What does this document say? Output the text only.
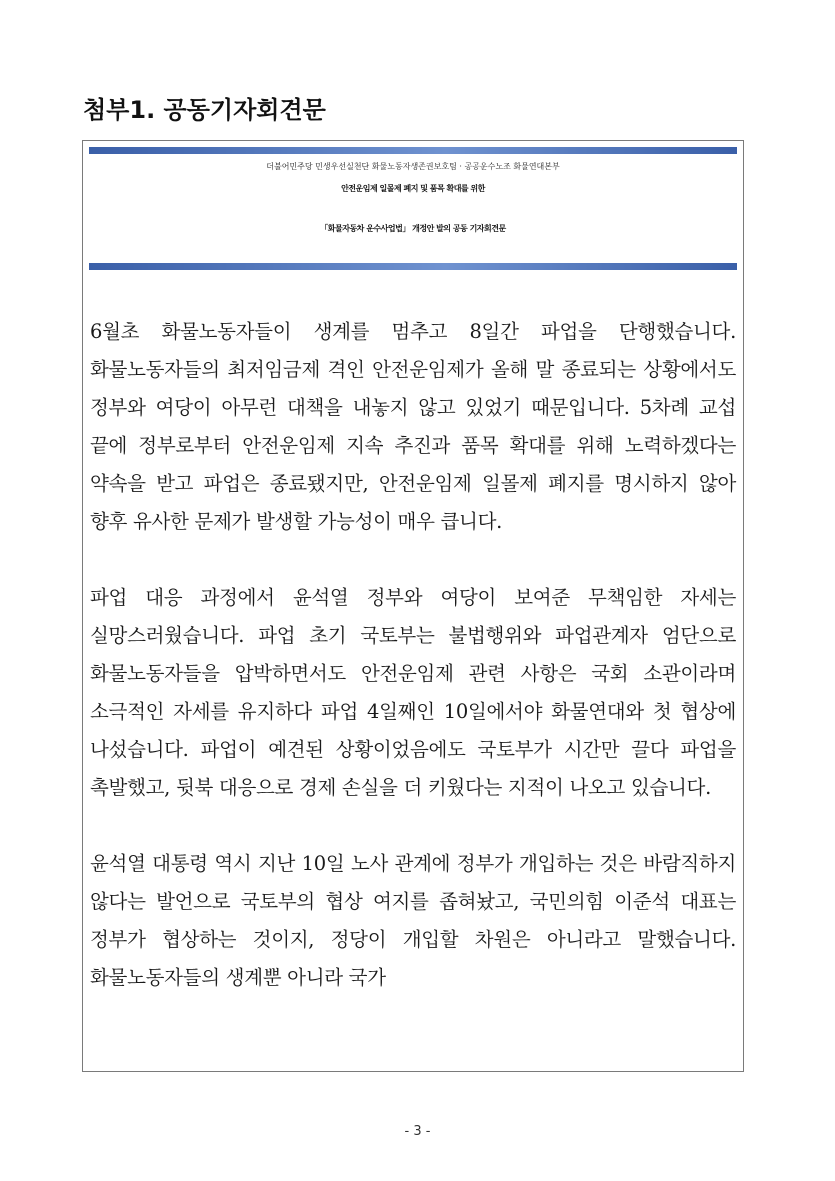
첨부1. 공동기자회견문
더불어민주당 민생우선실천단 화물노동자생존권보호팀 · 공공운수노조 화물연대본부
안전운임제 일몰제 폐지 및 품목 확대를 위한
「화물자동차 운수사업법」 개정안 발의 공동 기자회견문

6월초 화물노동자들이 생계를 멈추고 8일간 파업을 단행했습니다. 화물노동자들의 최저임금제 격인 안전운임제가 올해 말 종료되는 상황에서도 정부와 여당이 아무런 대책을 내놓지 않고 있었기 때문입니다. 5차례 교섭 끝에 정부로부터 안전운임제 지속 추진과 품목 확대를 위해 노력하겠다는 약속을 받고 파업은 종료됐지만, 안전운임제 일몰제 폐지를 명시하지 않아 향후 유사한 문제가 발생할 가능성이 매우 큽니다.

파업 대응 과정에서 윤석열 정부와 여당이 보여준 무책임한 자세는 실망스러웠습니다. 파업 초기 국토부는 불법행위와 파업관계자 엄단으로 화물노동자들을 압박하면서도 안전운임제 관련 사항은 국회 소관이라며 소극적인 자세를 유지하다 파업 4일째인 10일에서야 화물연대와 첫 협상에 나섰습니다. 파업이 예견된 상황이었음에도 국토부가 시간만 끌다 파업을 촉발했고, 뒷북 대응으로 경제 손실을 더 키웠다는 지적이 나오고 있습니다.

윤석열 대통령 역시 지난 10일 노사 관계에 정부가 개입하는 것은 바람직하지 않다는 발언으로 국토부의 협상 여지를 좁혀놨고, 국민의힘 이준석 대표는 정부가 협상하는 것이지, 정당이 개입할 차원은 아니라고 말했습니다. 화물노동자들의 생계뿐 아니라 국가

- 3 -
